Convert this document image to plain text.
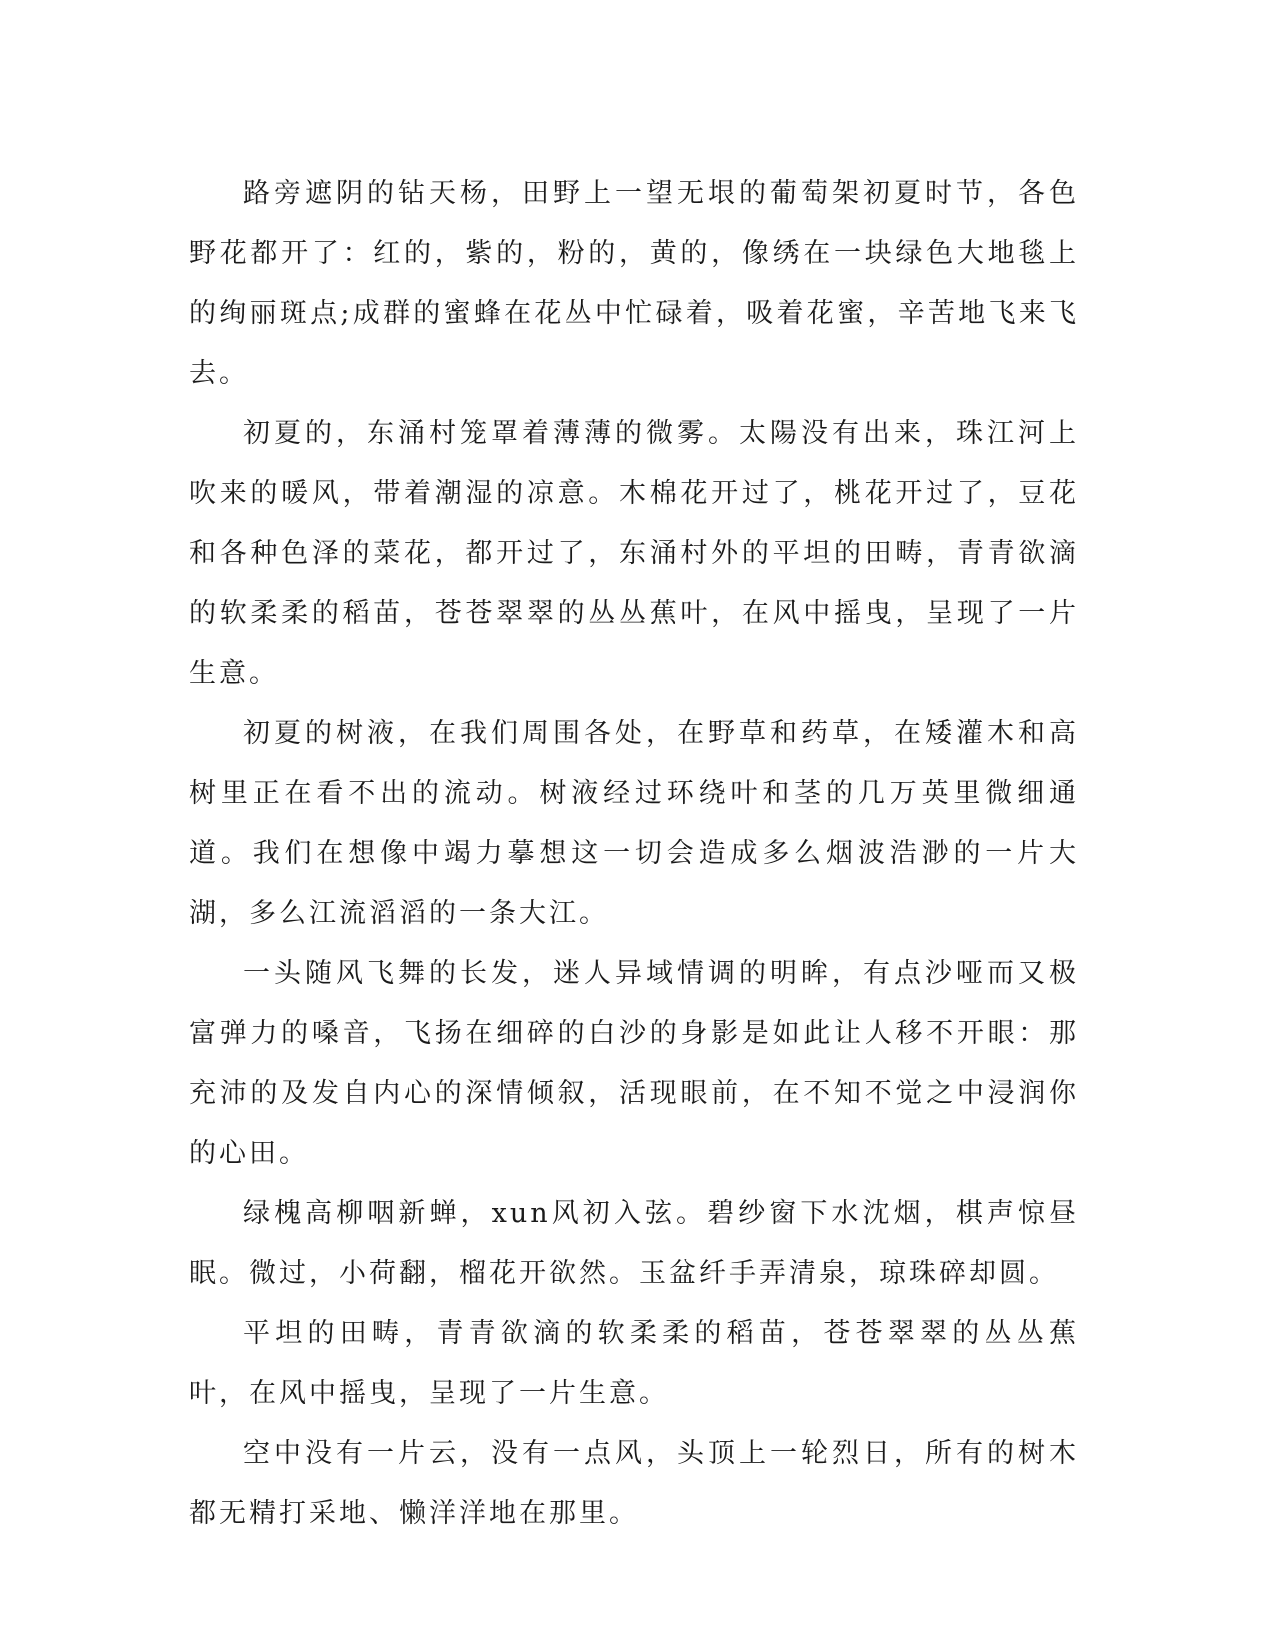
路旁遮阴的钻天杨，田野上一望无垠的葡萄架初夏时节，各色野花都开了：红的，紫的，粉的，黄的，像绣在一块绿色大地毯上的绚丽斑点;成群的蜜蜂在花丛中忙碌着，吸着花蜜，辛苦地飞来飞去。

初夏的，东涌村笼罩着薄薄的微雾。太陽没有出来，珠江河上吹来的暖风，带着潮湿的凉意。木棉花开过了，桃花开过了，豆花和各种色泽的菜花，都开过了，东涌村外的平坦的田畴，青青欲滴的软柔柔的稻苗，苍苍翠翠的丛丛蕉叶，在风中摇曳，呈现了一片生意。

初夏的树液，在我们周围各处，在野草和药草，在矮灌木和高树里正在看不出的流动。树液经过环绕叶和茎的几万英里微细通道。我们在想像中竭力摹想这一切会造成多么烟波浩渺的一片大湖，多么江流滔滔的一条大江。

一头随风飞舞的长发，迷人异域情调的明眸，有点沙哑而又极富弹力的嗓音，飞扬在细碎的白沙的身影是如此让人移不开眼：那充沛的及发自内心的深情倾叙，活现眼前，在不知不觉之中浸润你的心田。

绿槐高柳咽新蝉，xun风初入弦。碧纱窗下水沈烟，棋声惊昼眠。微过，小荷翻，榴花开欲然。玉盆纤手弄清泉，琼珠碎却圆。

平坦的田畴，青青欲滴的软柔柔的稻苗，苍苍翠翠的丛丛蕉叶，在风中摇曳，呈现了一片生意。

空中没有一片云，没有一点风，头顶上一轮烈日，所有的树木都无精打采地、懒洋洋地在那里。
